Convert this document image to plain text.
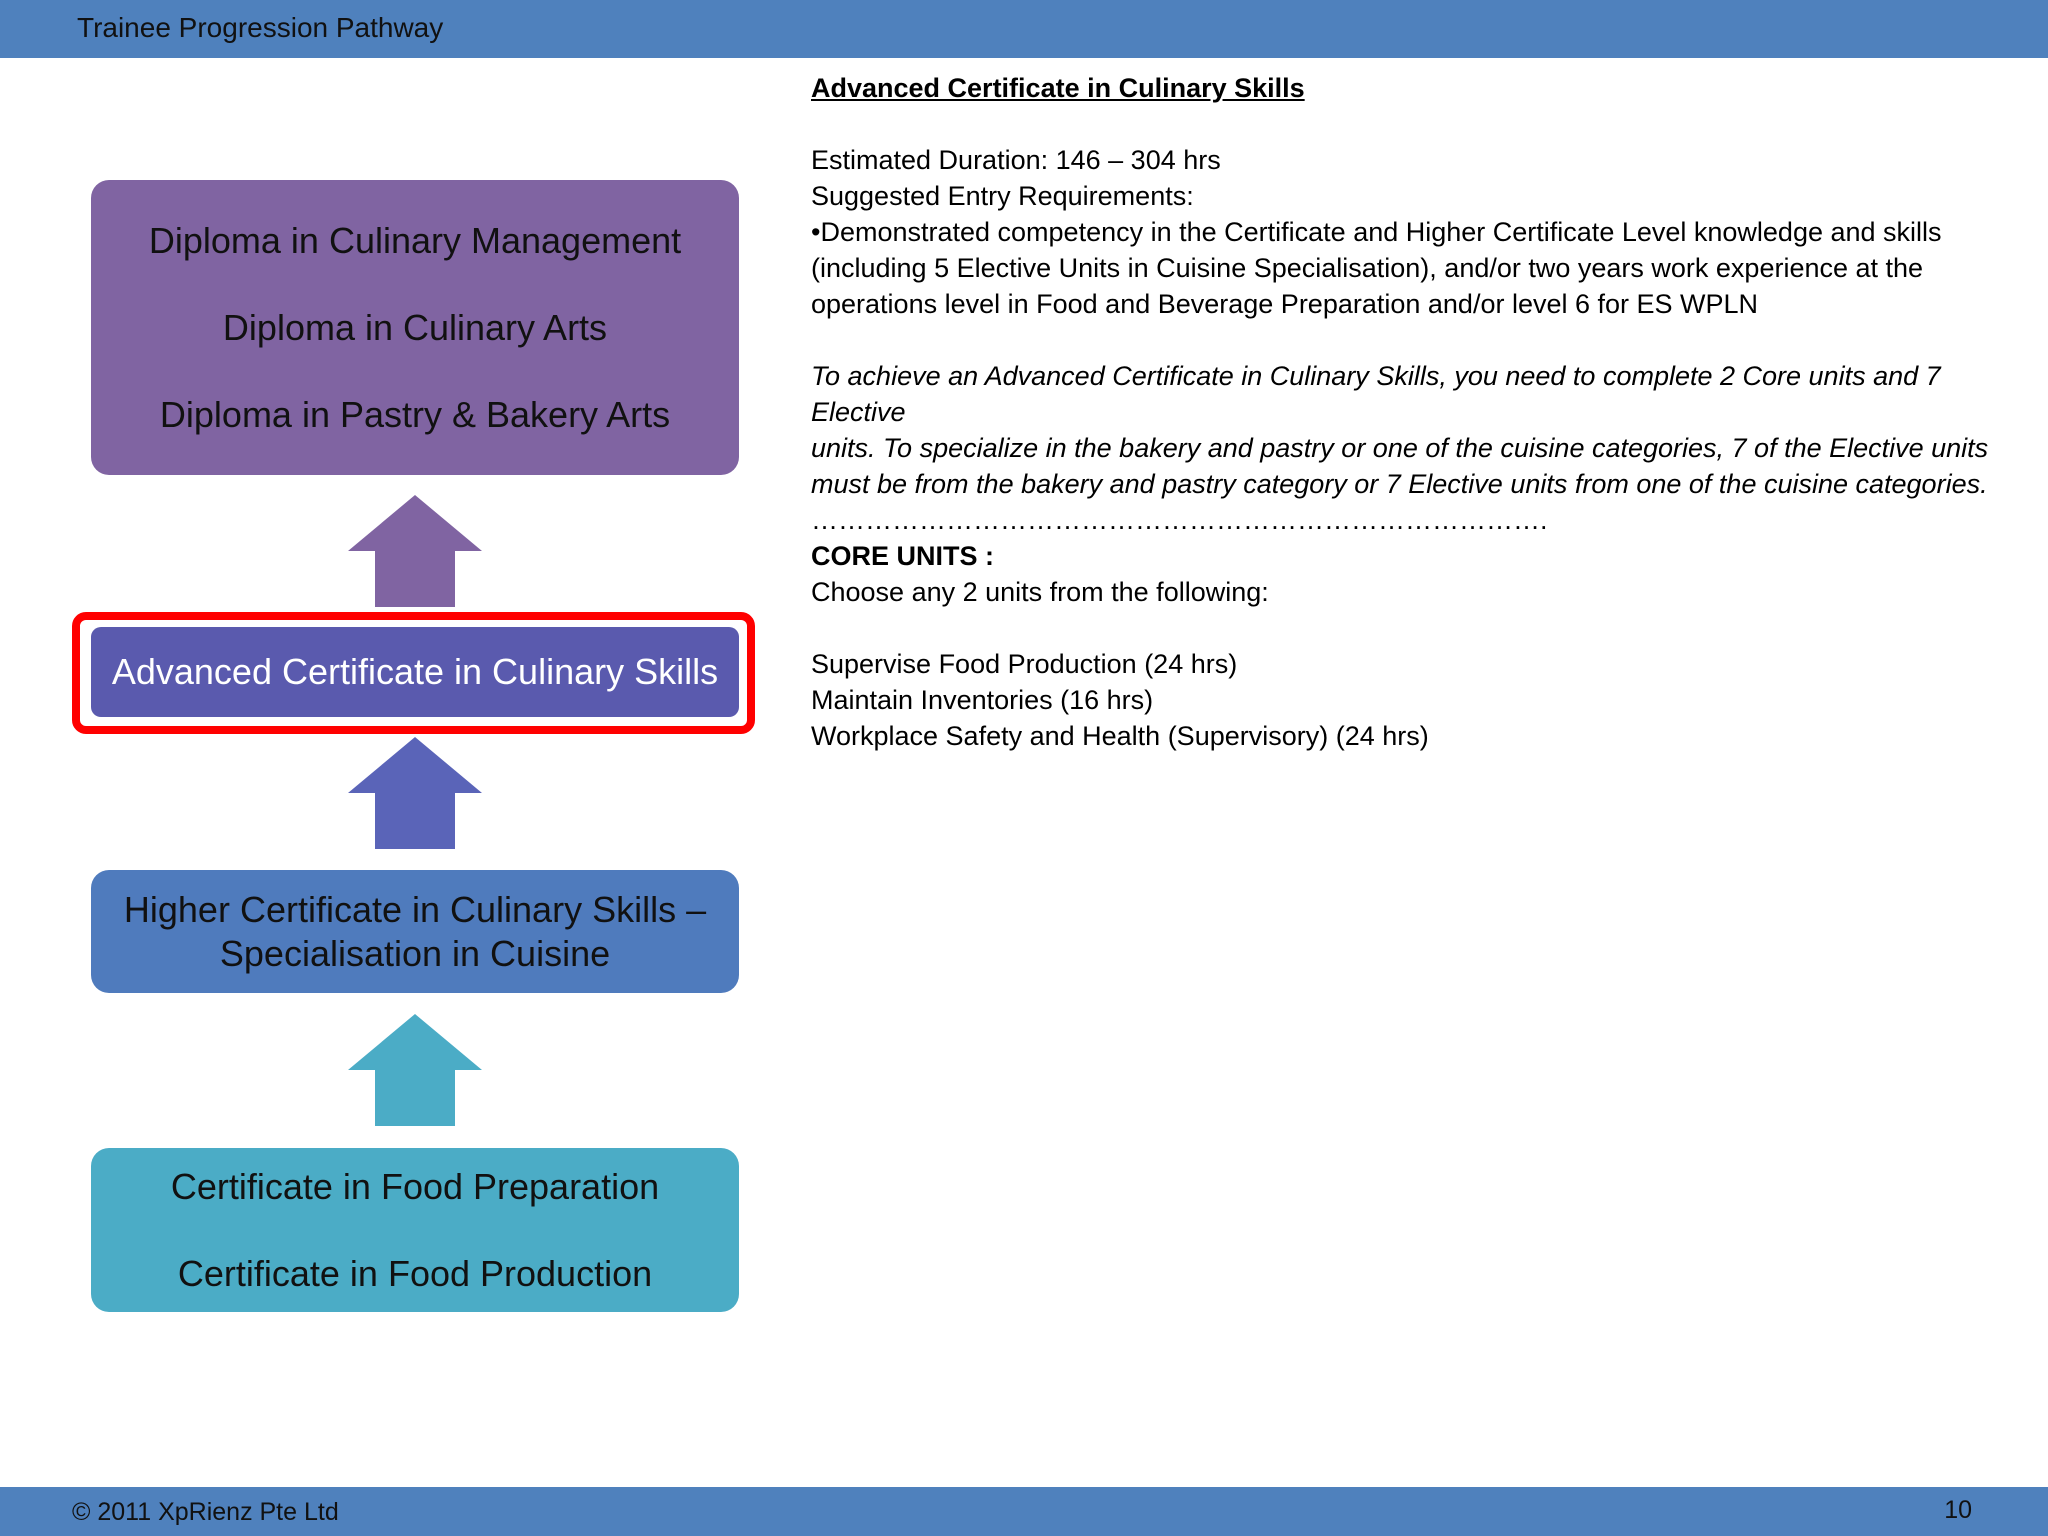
Trainee Progression Pathway
Diploma in Culinary Management
Diploma in Culinary Arts
Diploma in Pastry & Bakery Arts
Advanced Certificate in Culinary Skills
Higher Certificate in Culinary Skills –
Specialisation in Cuisine
Certificate in Food Preparation
Certificate in Food Production

Advanced Certificate in Culinary Skills

Estimated Duration: 146 – 304 hrs

Suggested Entry Requirements:

•Demonstrated competency in the Certificate and Higher Certificate Level knowledge and skills

(including 5 Elective Units in Cuisine Specialisation), and/or two years work experience at the

operations level in Food and Beverage Preparation and/or level 6 for ES WPLN

To achieve an Advanced Certificate in Culinary Skills, you need to complete 2 Core units and 7 Elective

units. To specialize in the bakery and pastry or one of the cuisine categories, 7 of the Elective units

must be from the bakery and pastry category or 7 Elective units from one of the cuisine categories.

……………………………………………………………………….

CORE UNITS :

Choose any 2 units from the following:

Supervise Food Production (24 hrs)

Maintain Inventories (16 hrs)

Workplace Safety and Health (Supervisory) (24 hrs)

© 2011 XpRienz Pte Ltd	10
